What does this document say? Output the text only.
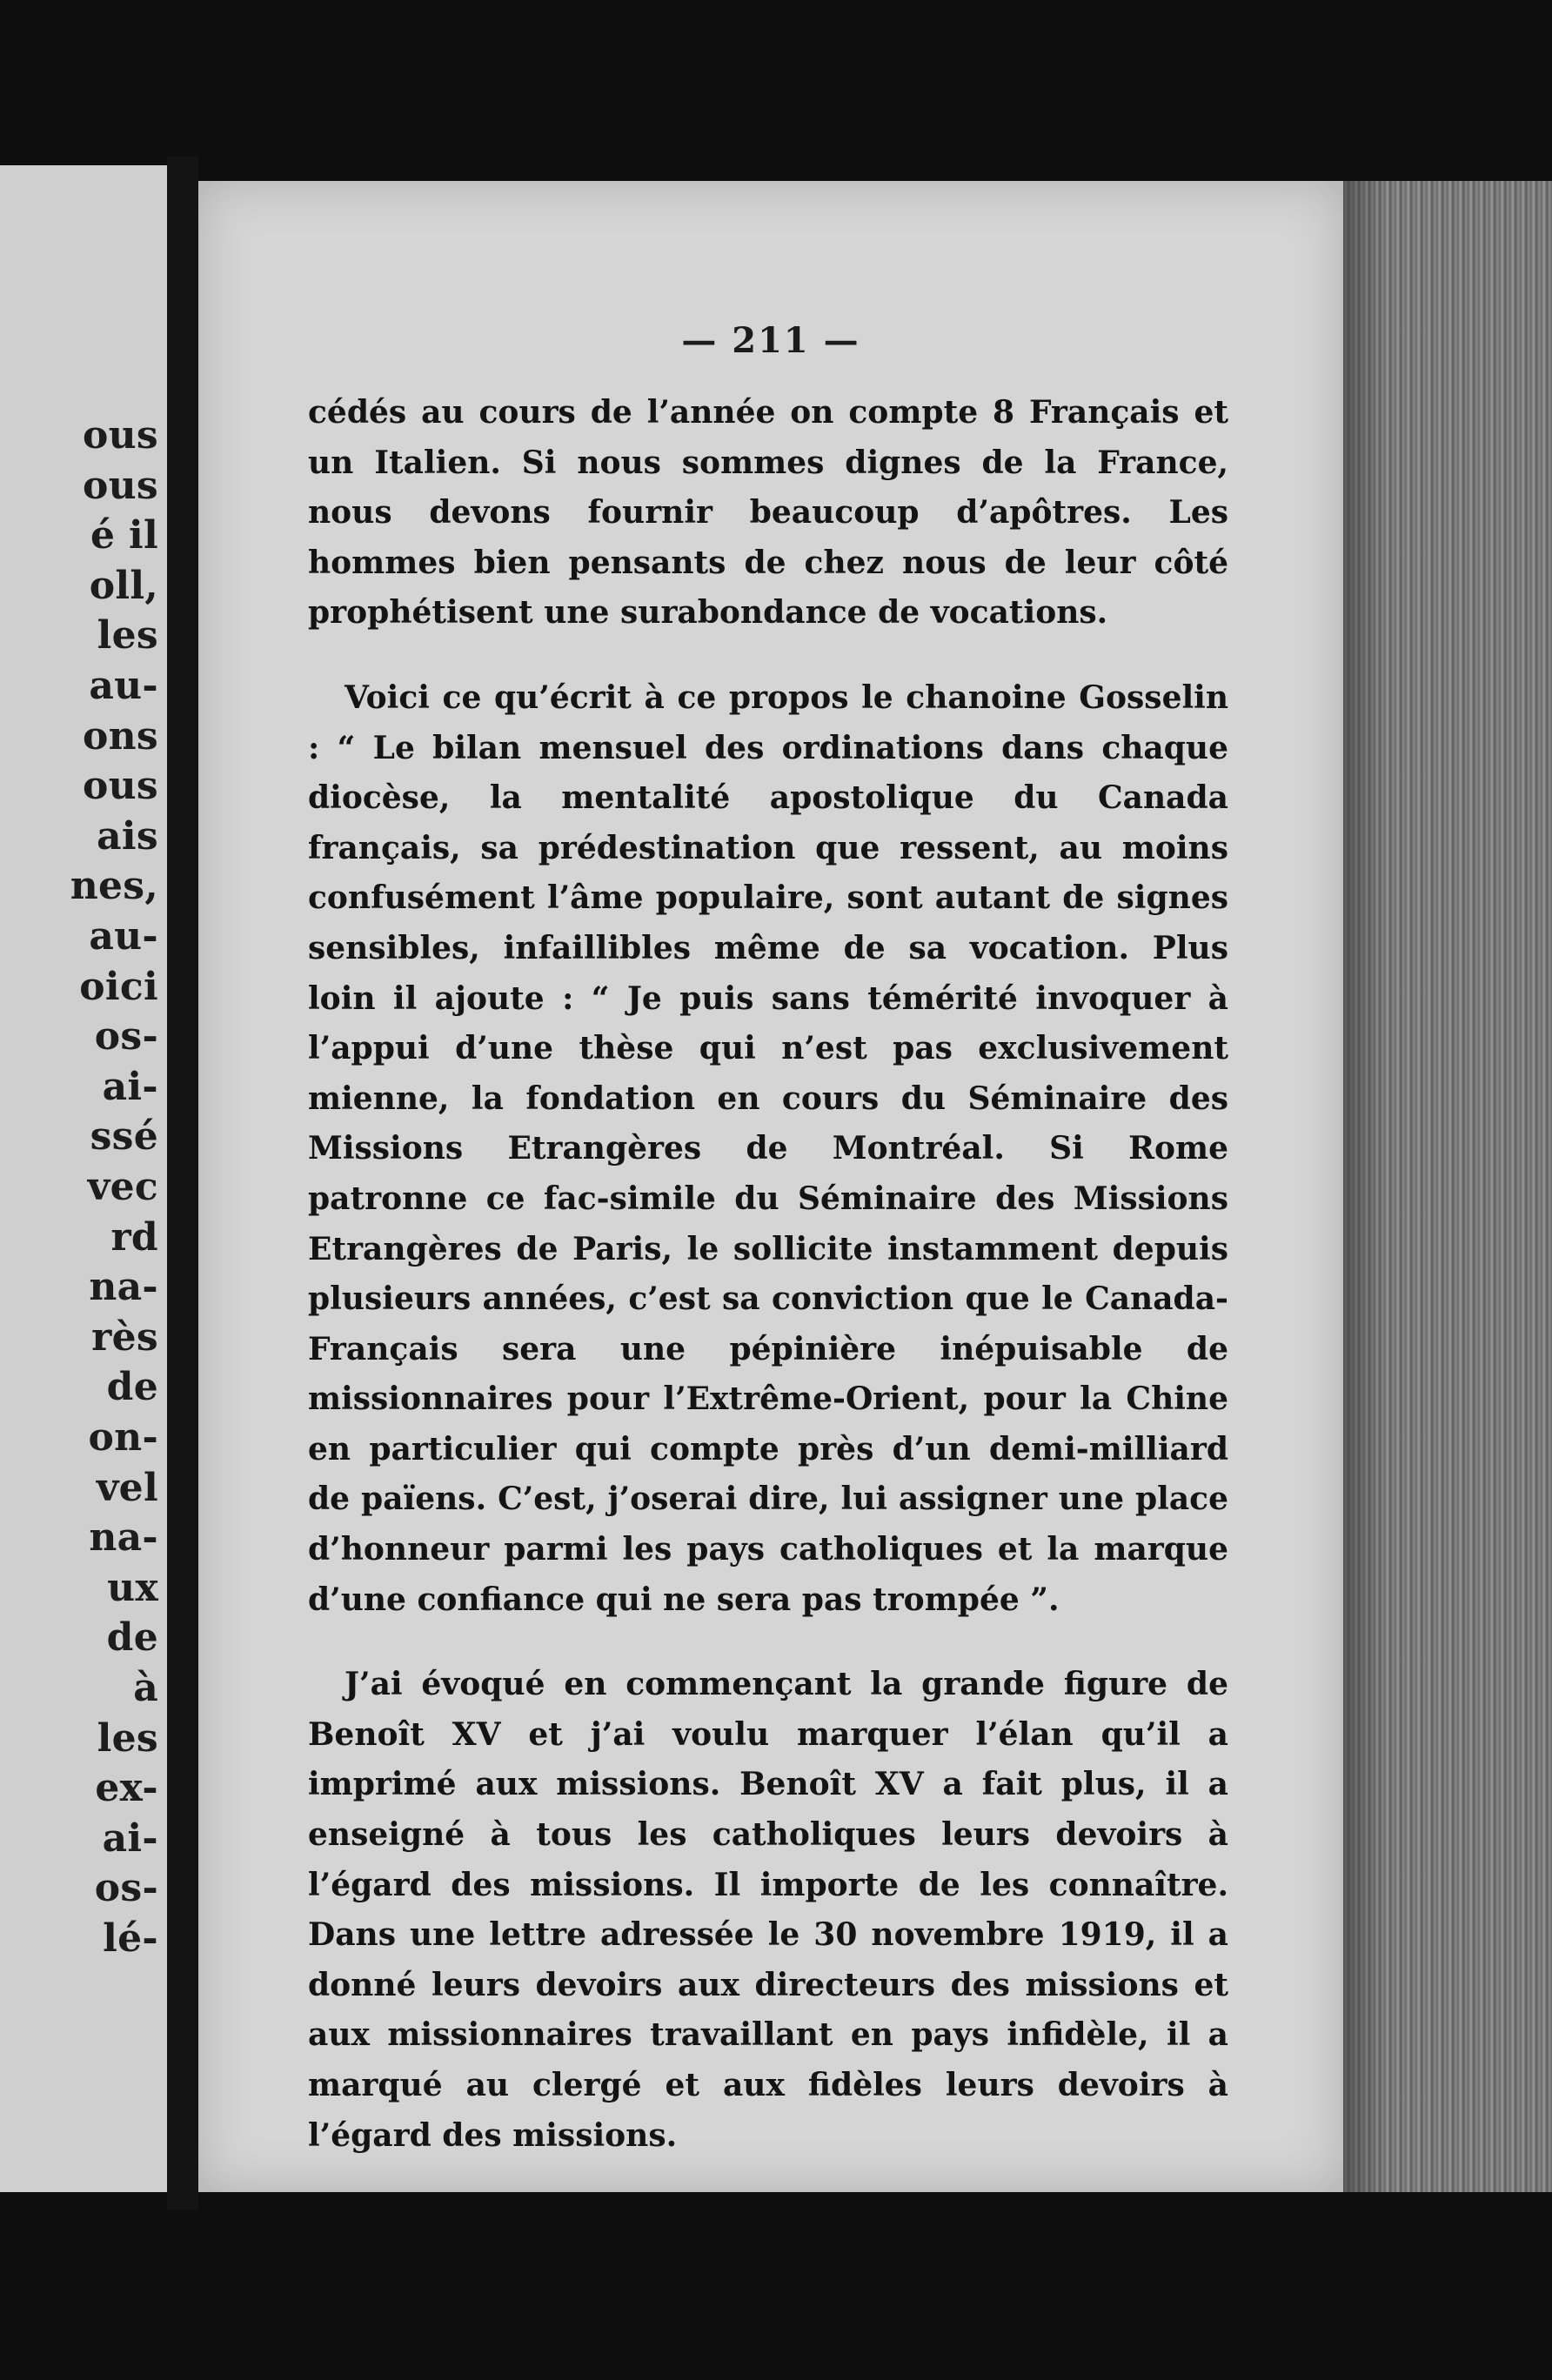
ous
ous
é il
oll,
les
au-
ons
ous
ais
nes,
au-
oici
os-
ai-
ssé
vec
rd
na-
rès
de
on-
vel
na-
ux
de
à
les
ex-
ai-
os-
lé-
— 211 —

cédés au cours de l’année on compte 8 Français et un Italien. Si nous sommes dignes de la France, nous devons fournir beaucoup d’apôtres. Les hommes bien pensants de chez nous de leur côté prophétisent une surabondance de vocations.

Voici ce qu’écrit à ce propos le chanoine Gosselin : “ Le bilan mensuel des ordinations dans chaque diocèse, la mentalité apostolique du Canada français, sa prédestination que ressent, au moins confusément l’âme populaire, sont autant de signes sensibles, infaillibles même de sa vocation. Plus loin il ajoute : “ Je puis sans témérité invoquer à l’appui d’une thèse qui n’est pas exclusivement mienne, la fondation en cours du Séminaire des Missions Etrangères de Montréal. Si Rome patronne ce fac-simile du Séminaire des Missions Etrangères de Paris, le sollicite instamment depuis plusieurs années, c’est sa conviction que le Canada-Français sera une pépinière inépuisable de missionnaires pour l’Extrême-Orient, pour la Chine en particulier qui compte près d’un demi-milliard de païens. C’est, j’oserai dire, lui assigner une place d’honneur parmi les pays catholiques et la marque d’une confiance qui ne sera pas trompée ”.

J’ai évoqué en commençant la grande figure de Benoît XV et j’ai voulu marquer l’élan qu’il a imprimé aux missions. Benoît XV a fait plus, il a enseigné à tous les catholiques leurs devoirs à l’égard des missions. Il importe de les connaître. Dans une lettre adressée le 30 novembre 1919, il a donné leurs devoirs aux directeurs des missions et aux missionnaires travaillant en pays infidèle, il a marqué au clergé et aux fidèles leurs devoirs à l’égard des missions.
